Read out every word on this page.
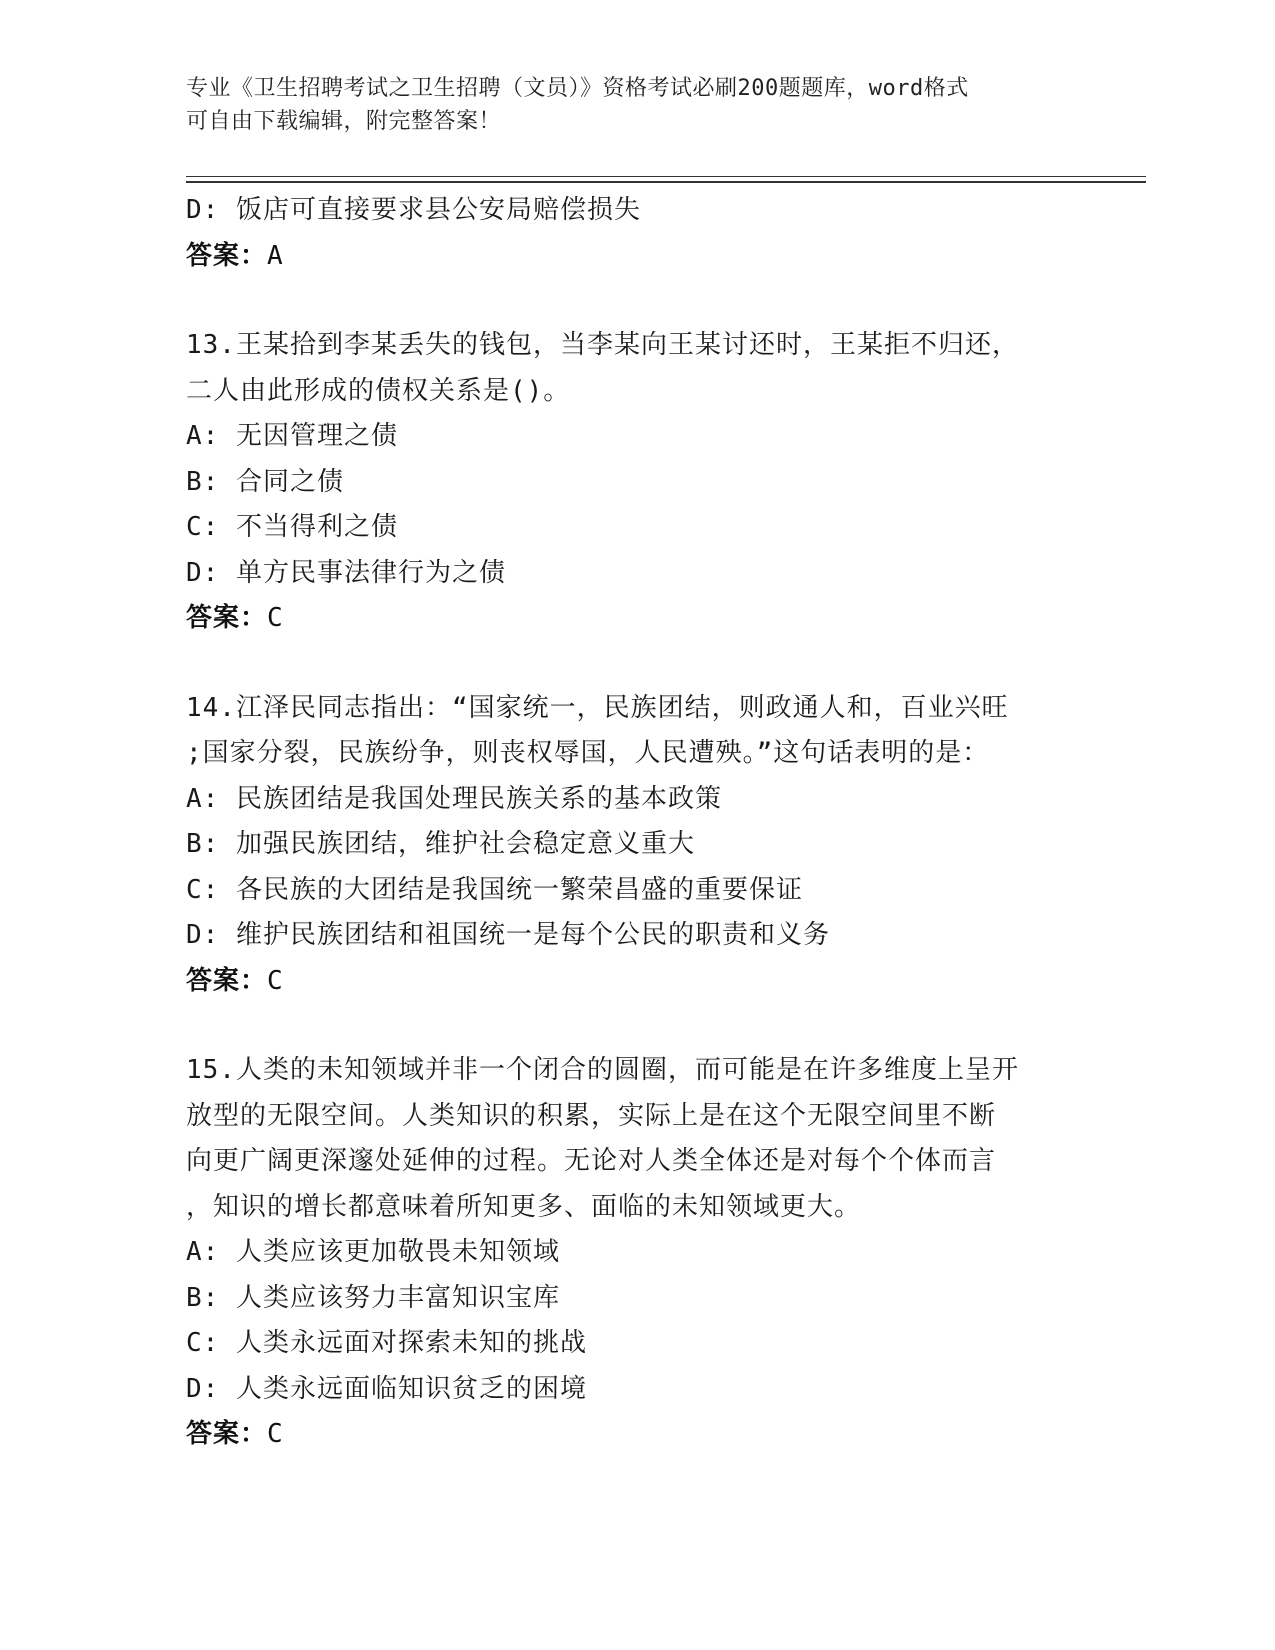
专业《卫生招聘考试之卫生招聘（文员）》资格考试必刷200题题库，word格式
可自由下载编辑，附完整答案！
D: 饭店可直接要求县公安局赔偿损失
答案：A
13.王某拾到李某丢失的钱包，当李某向王某讨还时，王某拒不归还，
二人由此形成的债权关系是()。
A: 无因管理之债
B: 合同之债
C: 不当得利之债
D: 单方民事法律行为之债
答案：C
14.江泽民同志指出：“国家统一，民族团结，则政通人和，百业兴旺
;国家分裂，民族纷争，则丧权辱国，人民遭殃。”这句话表明的是：
A: 民族团结是我国处理民族关系的基本政策
B: 加强民族团结，维护社会稳定意义重大
C: 各民族的大团结是我国统一繁荣昌盛的重要保证
D: 维护民族团结和祖国统一是每个公民的职责和义务
答案：C
15.人类的未知领域并非一个闭合的圆圈，而可能是在许多维度上呈开
放型的无限空间。人类知识的积累，实际上是在这个无限空间里不断
向更广阔更深邃处延伸的过程。无论对人类全体还是对每个个体而言
，知识的增长都意味着所知更多、面临的未知领域更大。
A: 人类应该更加敬畏未知领域
B: 人类应该努力丰富知识宝库
C: 人类永远面对探索未知的挑战
D: 人类永远面临知识贫乏的困境
答案：C
